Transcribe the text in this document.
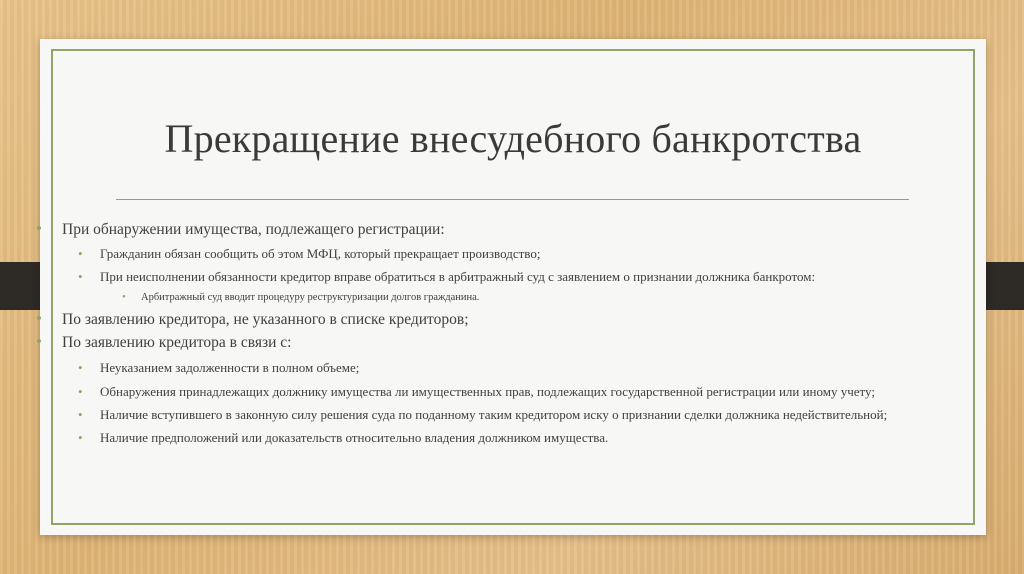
Прекращение внесудебного банкротства
• При обнаружении имущества, подлежащего регистрации:
• Гражданин обязан сообщить об этом МФЦ, который прекращает производство;
• При неисполнении обязанности кредитор вправе обратиться в арбитражный суд с заявлением о признании должника банкротом:
• Арбитражный суд вводит процедуру реструктуризации долгов гражданина.
• По заявлению кредитора, не указанного в списке кредиторов;
• По заявлению кредитора в связи с:
• Неуказанием задолженности в полном объеме;
• Обнаружения принадлежащих должнику имущества ли имущественных прав, подлежащих государственной регистрации или иному учету;
• Наличие вступившего в законную силу решения суда по поданному таким кредитором иску о признании сделки должника недействительной;
• Наличие предположений или доказательств относительно владения должником имущества.
